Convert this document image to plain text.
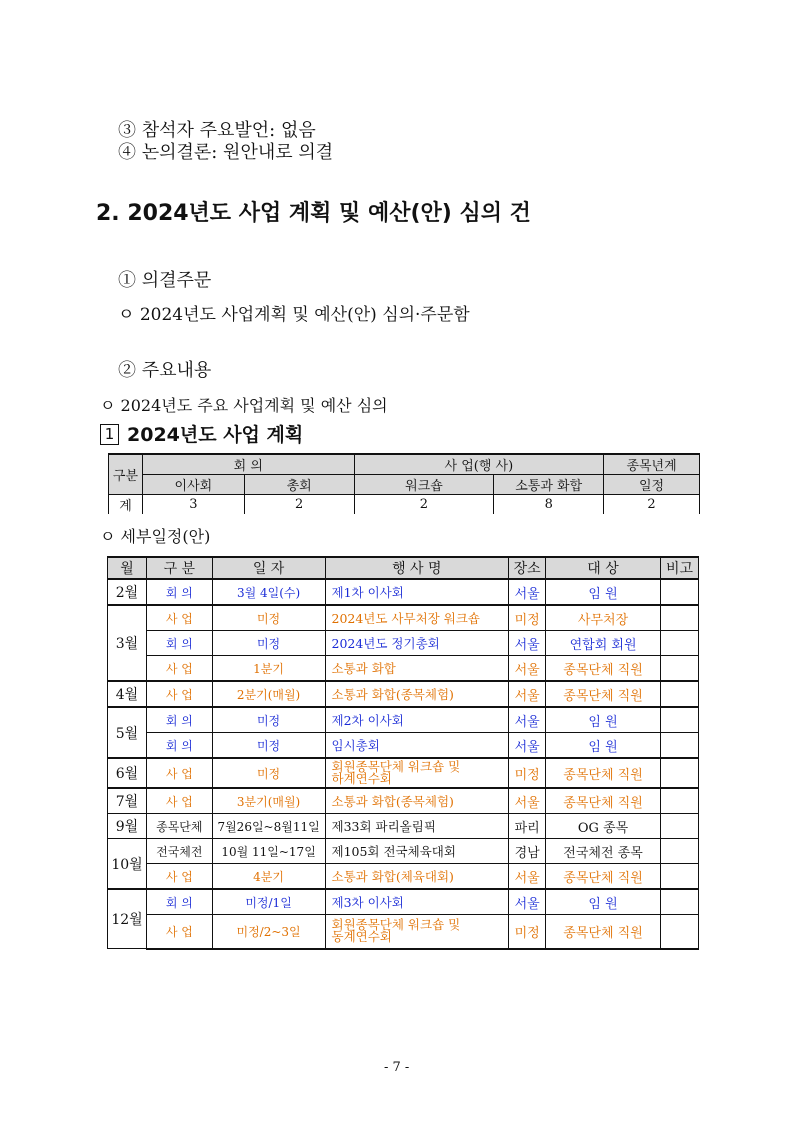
③ 참석자 주요발언: 없음
④ 논의결론: 원안내로 의결
2. 2024년도 사업 계획 및 예산(안) 심의 건
① 의결주문
ㅇ 2024년도 사업계획 및 예산(안) 심의·주문함
② 주요내용
ㅇ 2024년도 주요 사업계획 및 예산 심의
1 2024년도 사업 계획
구분	회 의		사 업(행 사)		종목년계
	이사회	총회	워크숍	소통과 화합	일정
계	3	2	2	8	2
ㅇ 세부일정(안)
월	구 분	일 자	행 사 명	장소	대 상	비고
2월	회 의	3월 4일(수)	제1차 이사회	서울	임 원	
3월	사 업	미정	2024년도 사무처장 워크숍	미정	사무처장	
	회 의	미정	2024년도 정기총회	서울	연합회 회원	
	사 업	1분기	소통과 화합	서울	종목단체 직원	
4월	사 업	2분기(매월)	소통과 화합(종목체험)	서울	종목단체 직원	
5월	회 의	미정	제2차 이사회	서울	임 원	
	회 의	미정	임시총회	서울	임 원	
6월	사 업	미정	회원종목단체 워크숍 및 하계연수회	미정	종목단체 직원	
7월	사 업	3분기(매월)	소통과 화합(종목체험)	서울	종목단체 직원	
9월	종목단체	7월26일~8월11일	제33회 파리올림픽	파리	OG 종목	
10월	전국체전	10월 11일~17일	제105회 전국체육대회	경남	전국체전 종목	
	사 업	4분기	소통과 화합(체육대회)	서울	종목단체 직원	
12월	회 의	미정/1일	제3차 이사회	서울	임 원	
	사 업	미정/2~3일	회원종목단체 워크숍 및 동계연수회	미정	종목단체 직원	
- 7 -
